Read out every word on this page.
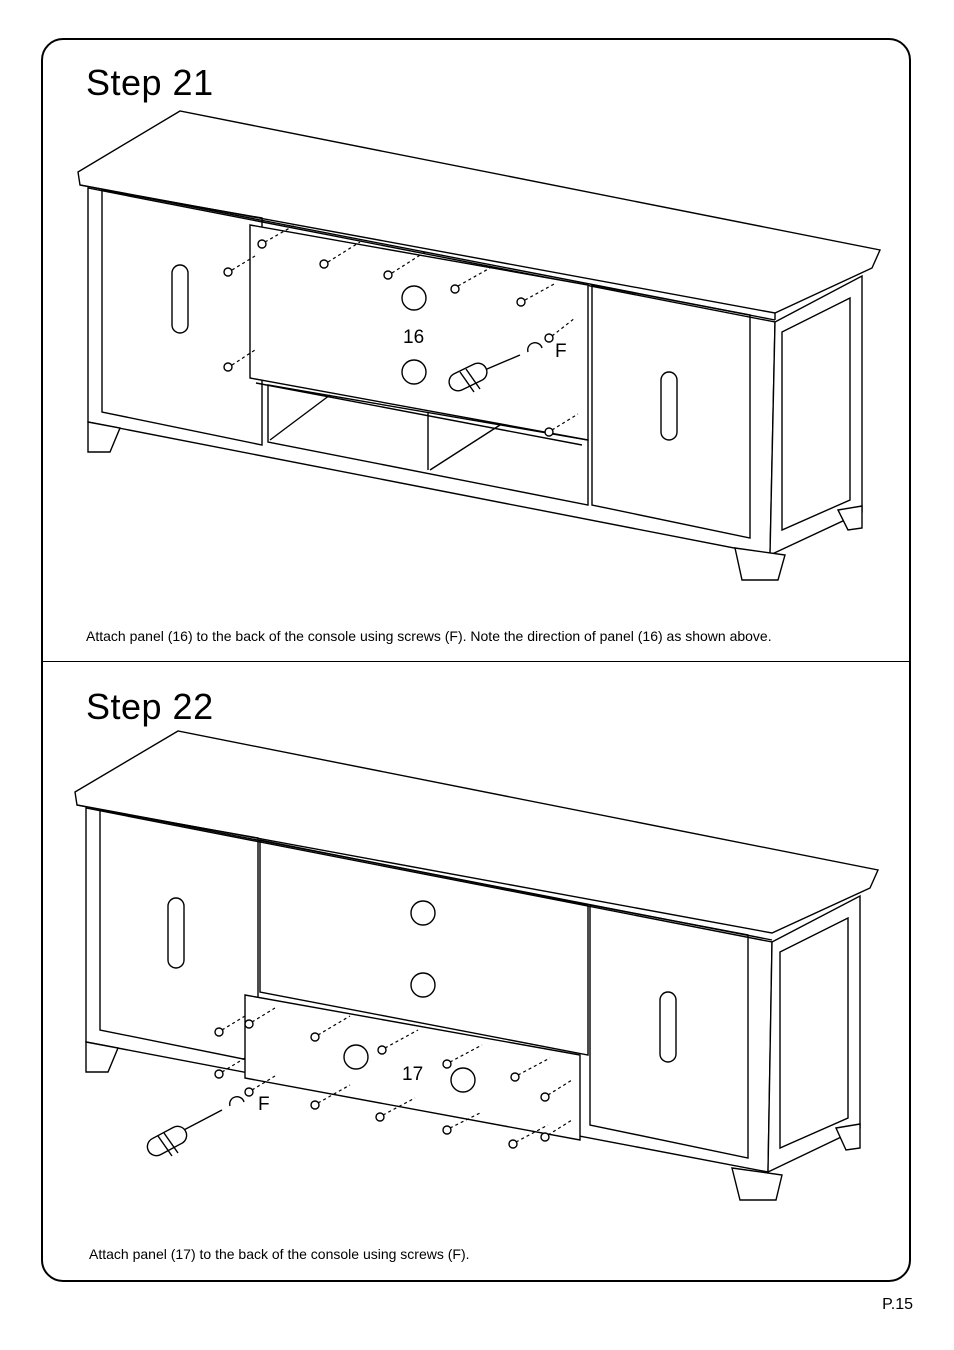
Step 21
16
F
Attach panel (16) to the back of the console using screws (F). Note the direction of panel (16) as shown above.
Step 22
17
F
Attach panel (17) to the back of the console using screws (F).
P.15
